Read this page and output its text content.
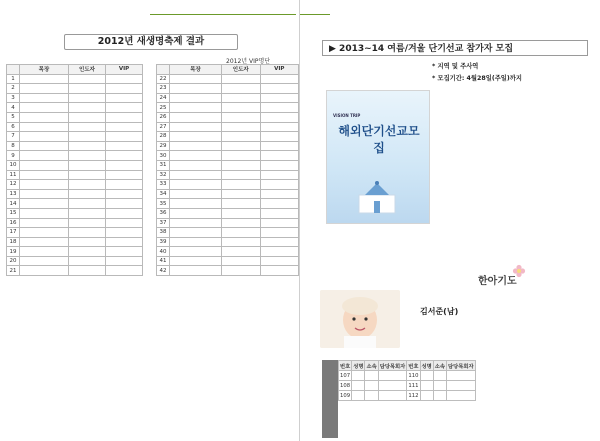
2012년 새생명축제 결과
2012년 VIP명단
	목장	인도자	VIP
1			
2			
3			
4			
5			
6			
7			
8			
9			
10			
11			
12			
13			
14			
15			
16			
17			
18			
19			
20			
21			
	목장	인도자	VIP
22			
23			
24			
25			
26			
27			
28			
29			
30			
31			
32			
33			
34			
35			
36			
37			
38			
39			
40			
41			
42			
▶ 2013~14 여름/겨울 단기선교 참가자 모집
VISION TRIP
해외단기선교모집
* 지역 및 주사역
* 모집기간: 4월28일(주일)까지
한아기도
김서준(남)
번호	성명	소속	담당목회자	번호	성명	소속	담당목회자
107				110			
108				111			
109				112			
